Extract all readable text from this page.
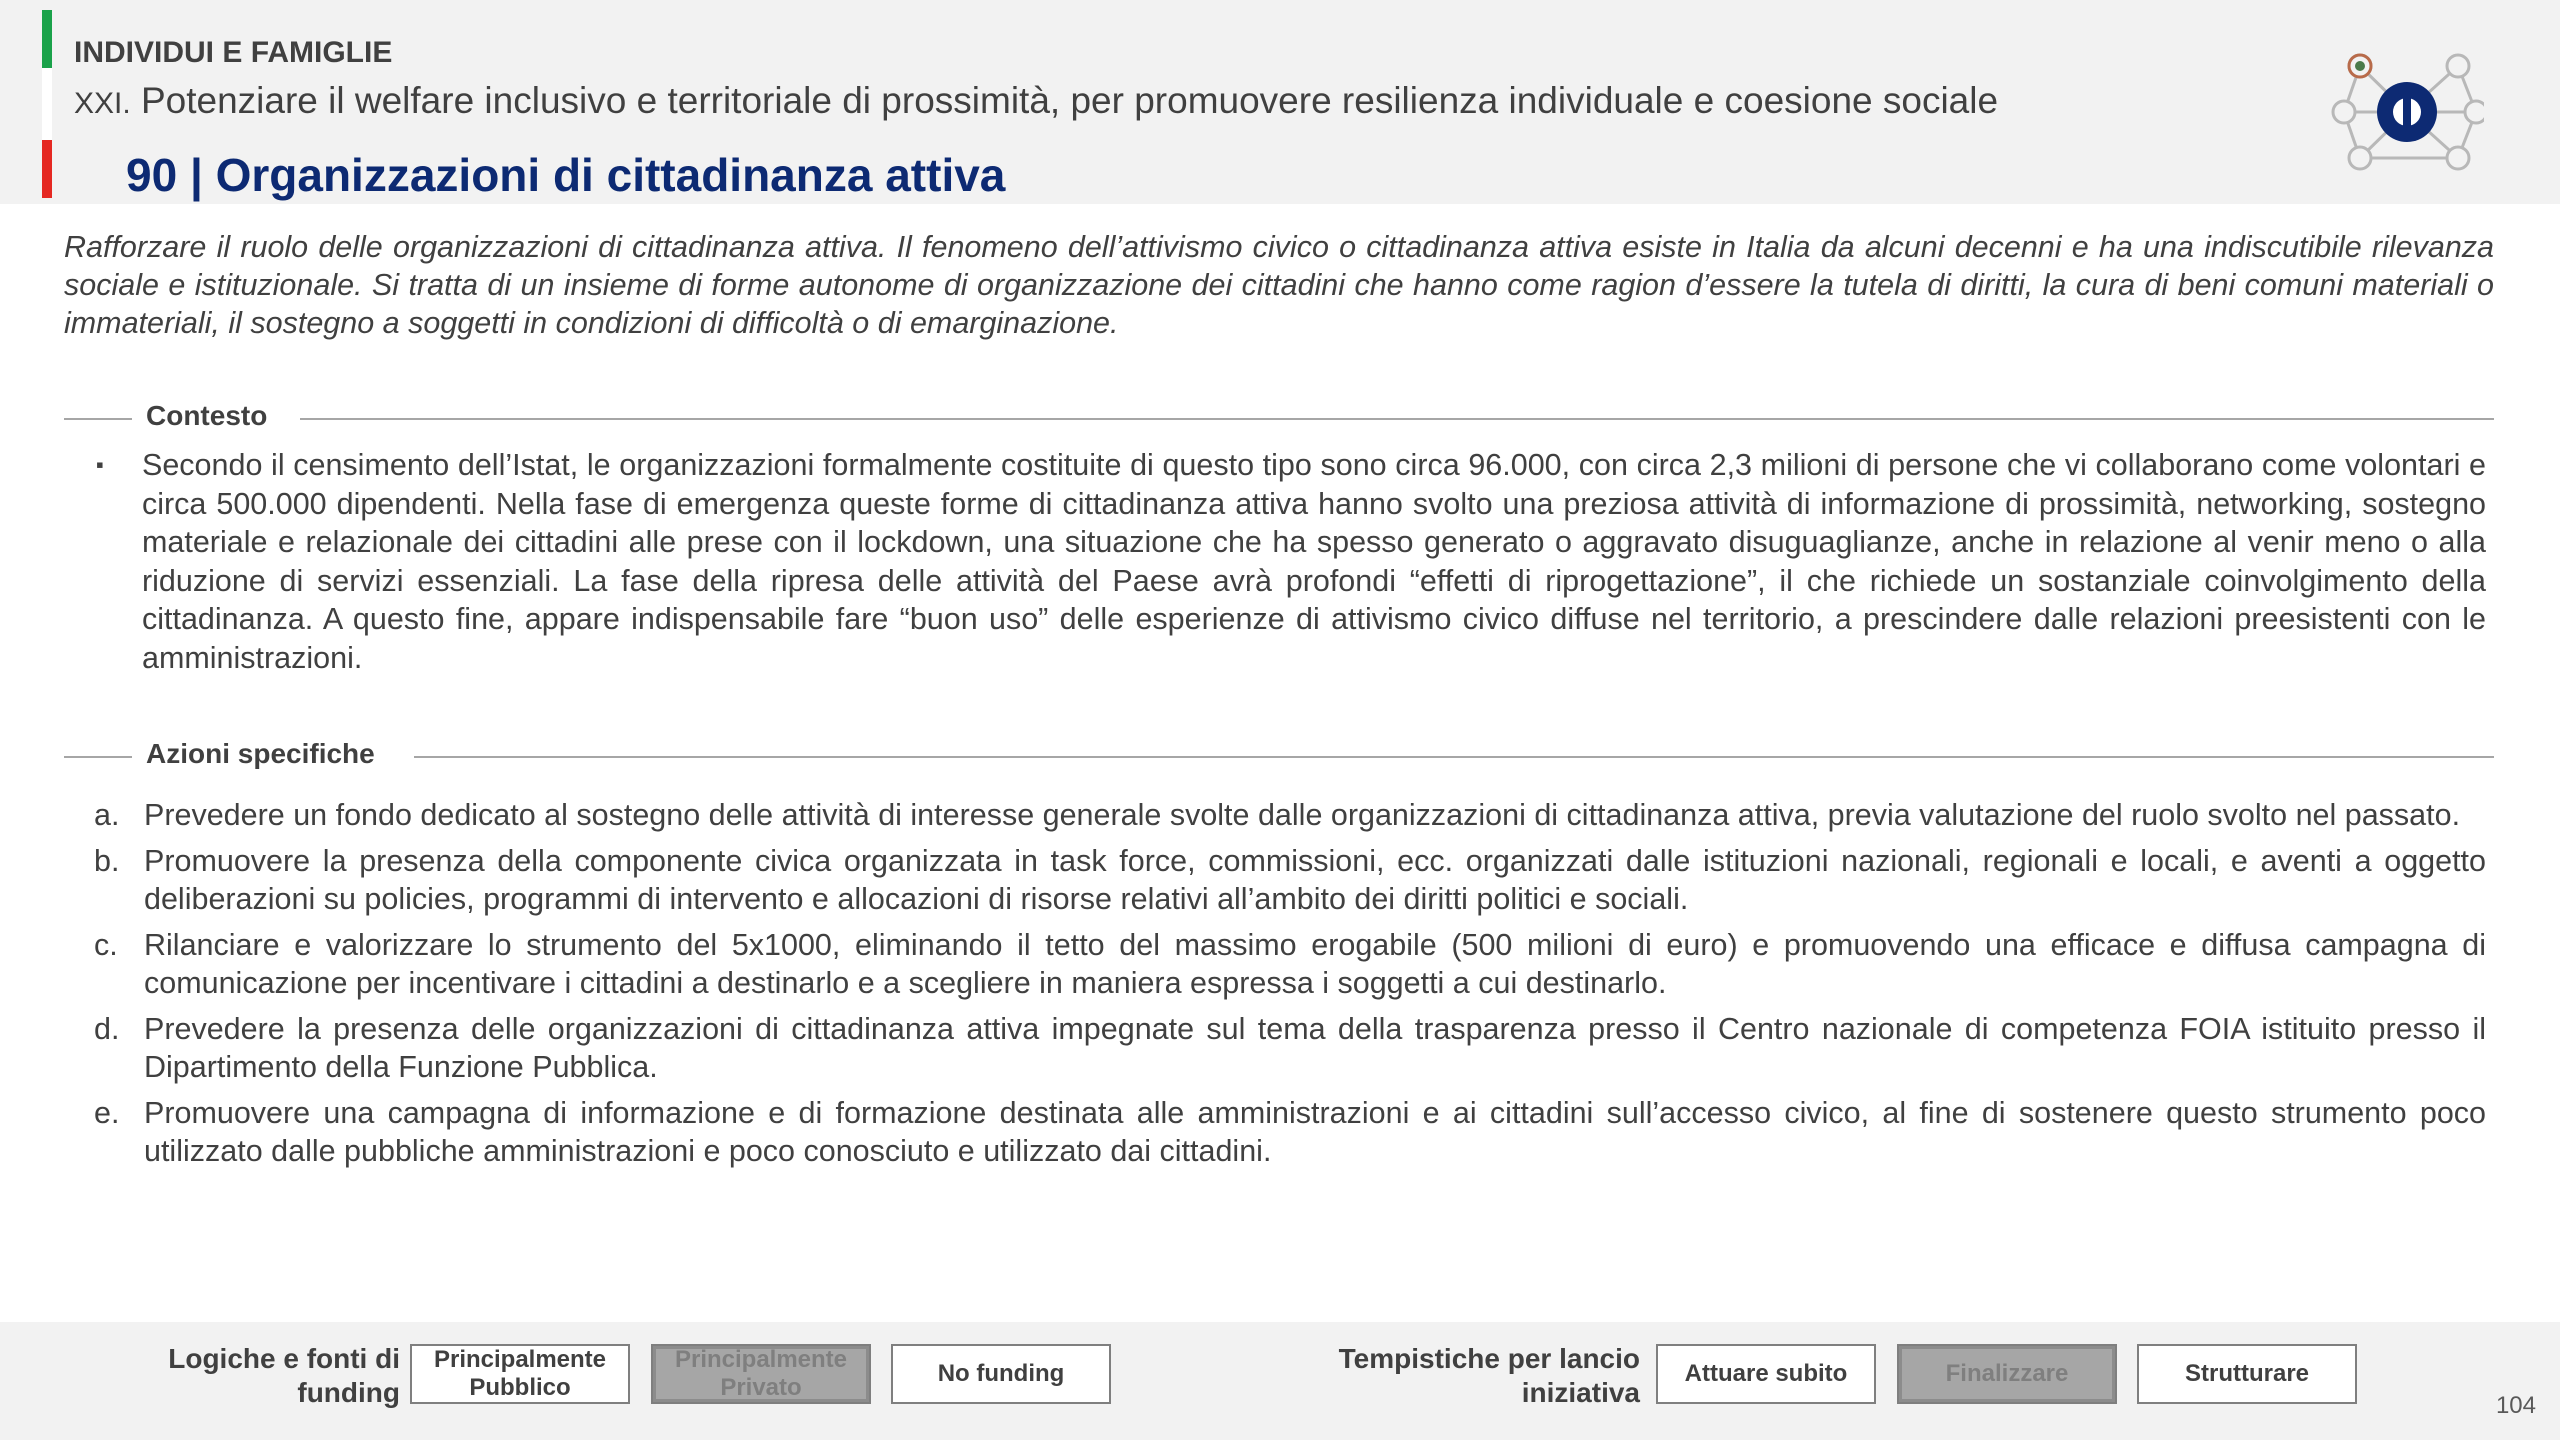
INDIVIDUI E FAMIGLIE
XXI. Potenziare il welfare inclusivo e territoriale di prossimità, per promuovere resilienza individuale e coesione sociale
90 | Organizzazioni di cittadinanza attiva
Rafforzare il ruolo delle organizzazioni di cittadinanza attiva. Il fenomeno dell’attivismo civico o cittadinanza attiva esiste in Italia da alcuni decenni e ha una indiscutibile rilevanza sociale e istituzionale. Si tratta di un insieme di forme autonome di organizzazione dei cittadini che hanno come ragion d’essere la tutela di diritti, la cura di beni comuni materiali o immateriali, il sostegno a soggetti in condizioni di difficoltà o di emarginazione.
Contesto
▪ Secondo il censimento dell’Istat, le organizzazioni formalmente costituite di questo tipo sono circa 96.000, con circa 2,3 milioni di persone che vi collaborano come volontari e circa 500.000 dipendenti. Nella fase di emergenza queste forme di cittadinanza attiva hanno svolto una preziosa attività di informazione di prossimità, networking, sostegno materiale e relazionale dei cittadini alle prese con il lockdown, una situazione che ha spesso generato o aggravato disuguaglianze, anche in relazione al venir meno o alla riduzione di servizi essenziali. La fase della ripresa delle attività del Paese avrà profondi “effetti di riprogettazione”, il che richiede un sostanziale coinvolgimento della cittadinanza. A questo fine, appare indispensabile fare “buon uso” delle esperienze di attivismo civico diffuse nel territorio, a prescindere dalle relazioni preesistenti con le amministrazioni.
Azioni specifiche
a. Prevedere un fondo dedicato al sostegno delle attività di interesse generale svolte dalle organizzazioni di cittadinanza attiva, previa valutazione del ruolo svolto nel passato.
b. Promuovere la presenza della componente civica organizzata in task force, commissioni, ecc. organizzati dalle istituzioni nazionali, regionali e locali, e aventi a oggetto deliberazioni su policies, programmi di intervento e allocazioni di risorse relativi all’ambito dei diritti politici e sociali.
c. Rilanciare e valorizzare lo strumento del 5x1000, eliminando il tetto del massimo erogabile (500 milioni di euro) e promuovendo una efficace e diffusa campagna di comunicazione per incentivare i cittadini a destinarlo e a scegliere in maniera espressa i soggetti a cui destinarlo.
d. Prevedere la presenza delle organizzazioni di cittadinanza attiva impegnate sul tema della trasparenza presso il Centro nazionale di competenza FOIA istituito presso il Dipartimento della Funzione Pubblica.
e. Promuovere una campagna di informazione e di formazione destinata alle amministrazioni e ai cittadini sull’accesso civico, al fine di sostenere questo strumento poco utilizzato dalle pubbliche amministrazioni e poco conosciuto e utilizzato dai cittadini.
Logiche e fonti di
funding
Principalmente
Pubblico
Principalmente
Privato
No funding	Tempistiche per lancio
iniziativa
Attuare subito	Finalizzare	Strutturare
104
